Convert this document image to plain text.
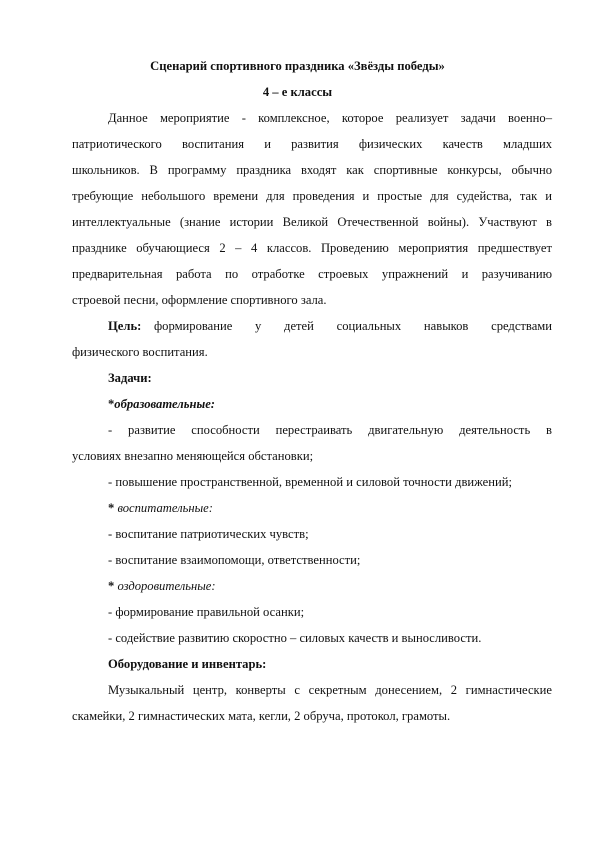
Сценарий спортивного праздника «Звёзды победы»
4 – е классы
Данное мероприятие - комплексное, которое реализует задачи военно–
патриотического воспитания и развития физических качеств младших
школьников. В программу праздника входят как спортивные конкурсы, обычно
требующие небольшого времени для проведения и простые для судейства, так и
интеллектуальные (знание истории Великой Отечественной войны). Участвуют в
празднике обучающиеся 2 – 4 классов. Проведению мероприятия предшествует
предварительная работа по отработке строевых упражнений и разучиванию
строевой песни, оформление спортивного зала.
Цель: формирование у детей социальных навыков средствами
физического воспитания.
Задачи:
*образовательные:
- развитие способности перестраивать двигательную деятельность в
условиях внезапно меняющейся обстановки;
- повышение пространственной, временной и силовой точности движений;
* воспитательные:
- воспитание патриотических чувств;
- воспитание взаимопомощи, ответственности;
* оздоровительные:
- формирование правильной осанки;
- содействие развитию скоростно – силовых качеств и выносливости.
Оборудование и инвентарь:
Музыкальный центр, конверты с секретным донесением, 2 гимнастические
скамейки, 2 гимнастических мата, кегли, 2 обруча, протокол, грамоты.
